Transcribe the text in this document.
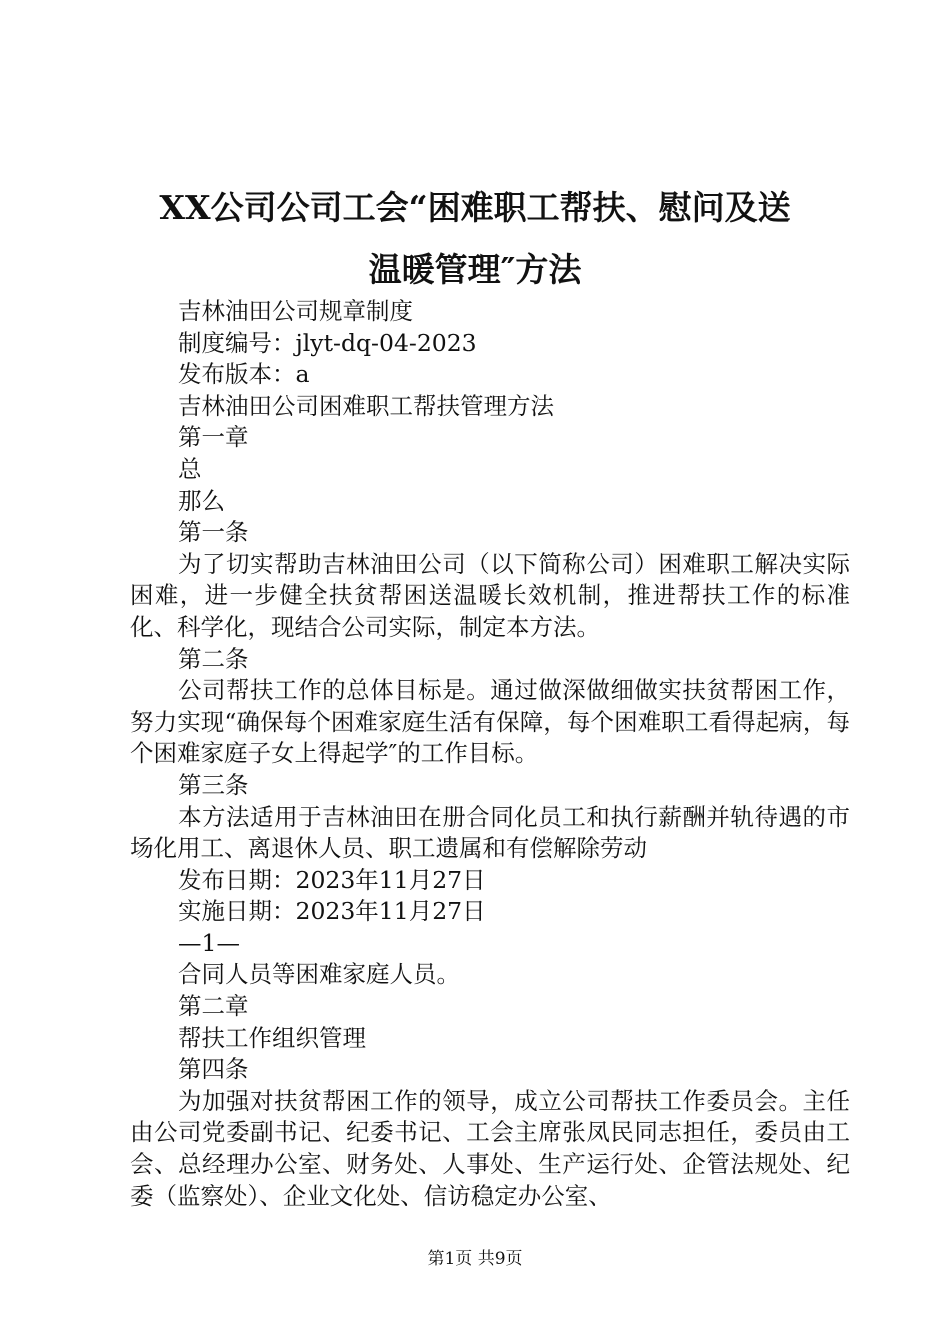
XX公司公司工会“困难职工帮扶、慰问及送
温暖管理″方法

吉林油田公司规章制度

制度编号：jlyt-dq-04-2023

发布版本：a

吉林油田公司困难职工帮扶管理方法

第一章

总

那么

第一条

为了切实帮助吉林油田公司（以下简称公司）困难职工解决实际困难，进一步健全扶贫帮困送温暖长效机制，推进帮扶工作的标准化、科学化，现结合公司实际，制定本方法。

第二条

公司帮扶工作的总体目标是。通过做深做细做实扶贫帮困工作，努力实现“确保每个困难家庭生活有保障，每个困难职工看得起病，每个困难家庭子女上得起学″的工作目标。

第三条

本方法适用于吉林油田在册合同化员工和执行薪酬并轨待遇的市场化用工、离退休人员、职工遗属和有偿解除劳动

发布日期：2023年11月27日

实施日期：2023年11月27日

—1—

合同人员等困难家庭人员。

第二章

帮扶工作组织管理

第四条

为加强对扶贫帮困工作的领导，成立公司帮扶工作委员会。主任由公司党委副书记、纪委书记、工会主席张凤民同志担任，委员由工会、总经理办公室、财务处、人事处、生产运行处、企管法规处、纪委（监察处）、企业文化处、信访稳定办公室、

第1页 共9页
